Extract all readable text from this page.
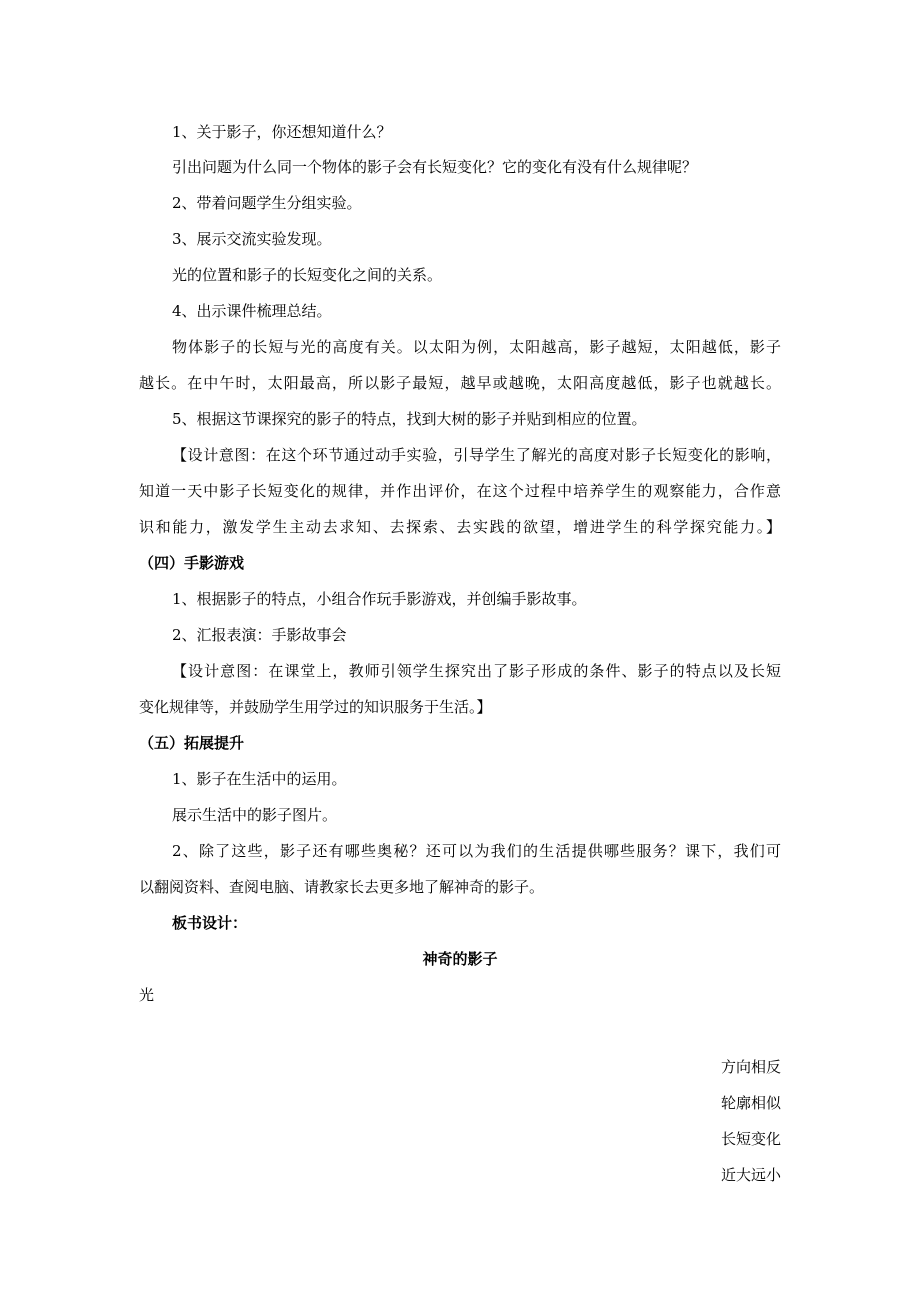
1、关于影子，你还想知道什么？
引出问题为什么同一个物体的影子会有长短变化？它的变化有没有什么规律呢？
2、带着问题学生分组实验。
3、展示交流实验发现。
光的位置和影子的长短变化之间的关系。
4、出示课件梳理总结。
物体影子的长短与光的高度有关。以太阳为例，太阳越高，影子越短，太阳越低，影子
越长。在中午时，太阳最高，所以影子最短，越早或越晚，太阳高度越低，影子也就越长。
5、根据这节课探究的影子的特点，找到大树的影子并贴到相应的位置。
【设计意图：在这个环节通过动手实验，引导学生了解光的高度对影子长短变化的影响，
知道一天中影子长短变化的规律，并作出评价，在这个过程中培养学生的观察能力，合作意
识和能力，激发学生主动去求知、去探索、去实践的欲望，增进学生的科学探究能力。】
（四）手影游戏
1、根据影子的特点，小组合作玩手影游戏，并创编手影故事。
2、汇报表演：手影故事会
【设计意图：在课堂上，教师引领学生探究出了影子形成的条件、影子的特点以及长短
变化规律等，并鼓励学生用学过的知识服务于生活。】
（五）拓展提升
1、影子在生活中的运用。
展示生活中的影子图片。
2、除了这些，影子还有哪些奥秘？还可以为我们的生活提供哪些服务？课下，我们可
以翻阅资料、查阅电脑、请教家长去更多地了解神奇的影子。
板书设计：
神奇的影子
光
方向相反
轮廓相似
长短变化
近大远小
